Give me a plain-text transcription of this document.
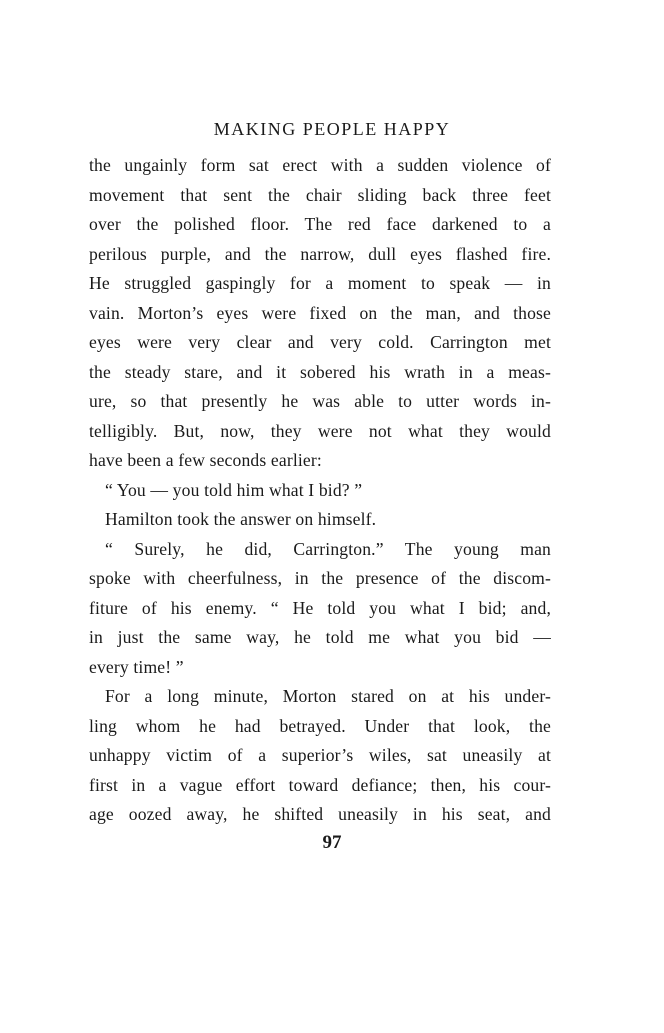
MAKING PEOPLE HAPPY
the ungainly form sat erect with a sudden violence of
movement that sent the chair sliding back three feet
over the polished floor. The red face darkened to a
perilous purple, and the narrow, dull eyes flashed fire.
He struggled gaspingly for a moment to speak — in
vain. Morton’s eyes were fixed on the man, and those
eyes were very clear and very cold. Carrington met
the steady stare, and it sobered his wrath in a meas-
ure, so that presently he was able to utter words in-
telligibly. But, now, they were not what they would
have been a few seconds earlier:
“ You — you told him what I bid? ”
Hamilton took the answer on himself.
“ Surely, he did, Carrington.” The young man
spoke with cheerfulness, in the presence of the discom-
fiture of his enemy. “ He told you what I bid; and,
in just the same way, he told me what you bid —
every time! ”
For a long minute, Morton stared on at his under-
ling whom he had betrayed. Under that look, the
unhappy victim of a superior’s wiles, sat uneasily at
first in a vague effort toward defiance; then, his cour-
age oozed away, he shifted uneasily in his seat, and
97
